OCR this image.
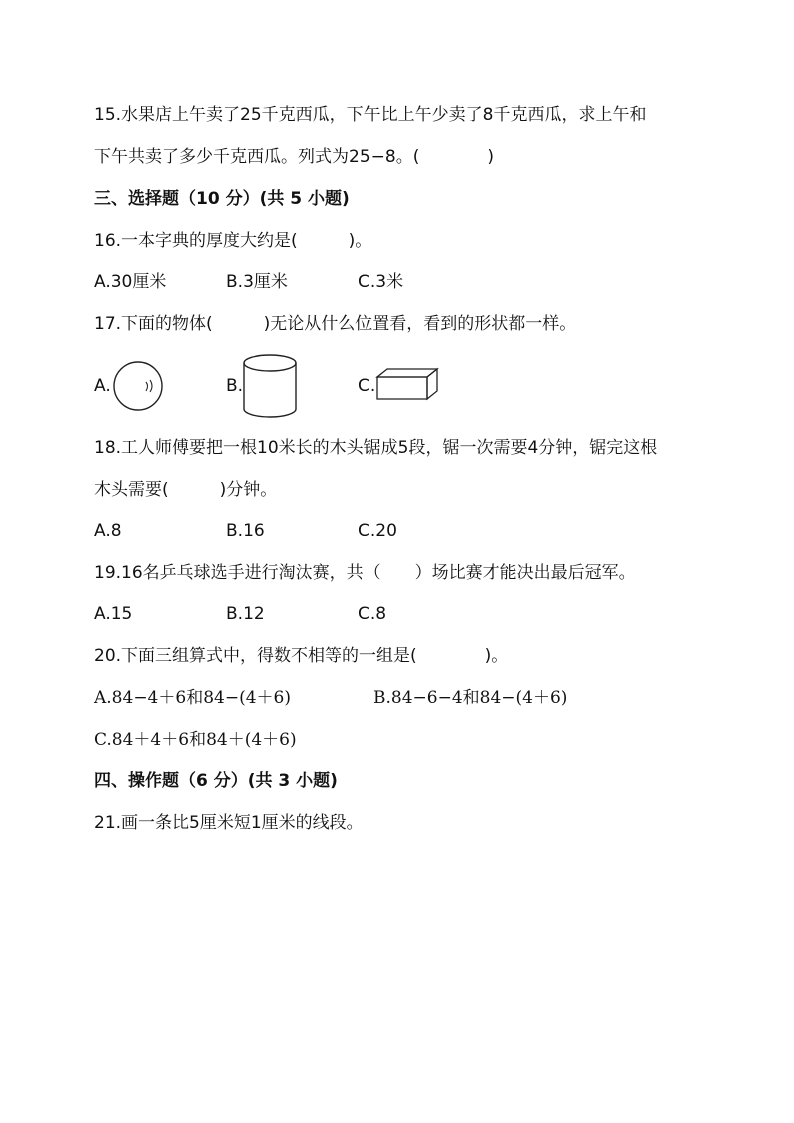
15.水果店上午卖了25千克西瓜，下午比上午少卖了8千克西瓜，求上午和
下午共卖了多少千克西瓜。列式为25−8。(　　　　)
三、选择题（10 分）(共 5 小题)
16.一本字典的厚度大约是(　　　)。
A.30厘米	B.3厘米	C.3米
17.下面的物体(　　　)无论从什么位置看，看到的形状都一样。
A.	B.	C.
18.工人师傅要把一根10米长的木头锯成5段，锯一次需要4分钟，锯完这根
木头需要(　　　)分钟。
A.8	B.16	C.20
19.16名乒乓球选手进行淘汰赛，共（　　）场比赛才能决出最后冠军。
A.15	B.12	C.8
20.下面三组算式中，得数不相等的一组是(　　　　)。
A.84−4＋6和84−(4＋6)	B.84−6−4和84−(4＋6)
C.84＋4＋6和84＋(4＋6)
四、操作题（6 分）(共 3 小题)
21.画一条比5厘米短1厘米的线段。
